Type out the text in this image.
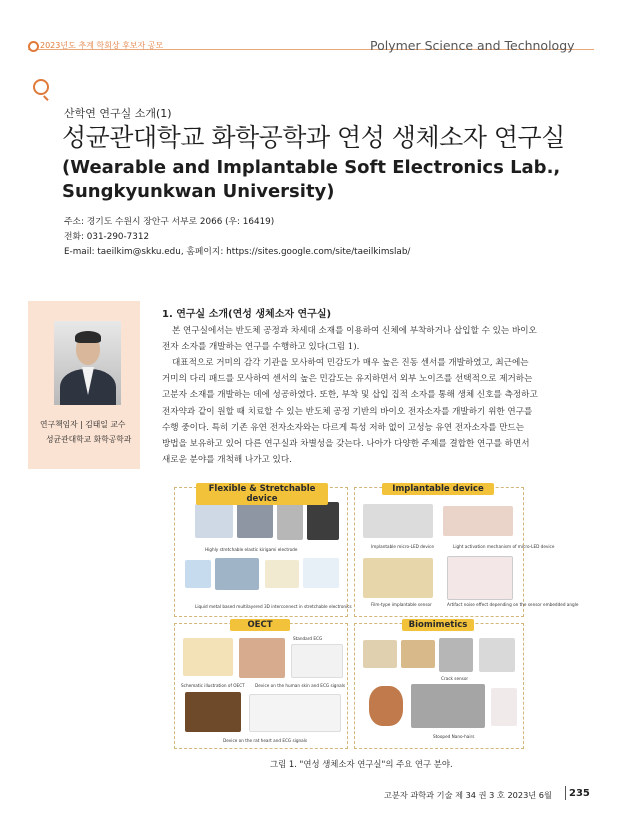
2023년도 추계 학회상 후보자 공모	Polymer Science and Technology
산학연 연구실 소개(1)
성균관대학교 화학공학과 연성 생체소자 연구실
(Wearable and Implantable Soft Electronics Lab.,
Sungkyunkwan University)
주소: 경기도 수원시 장안구 서부로 2066 (우: 16419)
전화: 031-290-7312
E-mail: taeilkim@skku.edu, 홈페이지: https://sites.google.com/site/taeilkimslab/
연구책임자 | 김태일 교수
성균관대학교 화학공학과
1. 연구실 소개(연성 생체소자 연구실)
본 연구실에서는 반도체 공정과 차세대 소재를 이용하여 신체에 부착하거나 삽입할 수 있는 바이오
전자 소자를 개발하는 연구를 수행하고 있다(그림 1).
대표적으로 거미의 감각 기관을 모사하여 민감도가 매우 높은 진동 센서를 개발하였고, 최근에는
거미의 다리 패드를 모사하여 센서의 높은 민감도는 유지하면서 외부 노이즈를 선택적으로 제거하는
고분자 소재를 개발하는 데에 성공하였다. 또한, 부착 및 삽입 집적 소자를 통해 생체 신호를 측정하고
전자약과 같이 원할 때 치료할 수 있는 반도체 공정 기반의 바이오 전자소자를 개발하기 위한 연구를
수행 중이다. 특히 기존 유연 전자소자와는 다르게 특성 저하 없이 고성능 유연 전자소자를 만드는
방법을 보유하고 있어 다른 연구실과 차별성을 갖는다. 나아가 다양한 주제를 결합한 연구를 하면서
새로운 분야를 개척해 나가고 있다.
Highly stretchable elastic kirigami electrode
Liquid metal based multilayered 3D interconnect in stretchable electronics
Flexible & Stretchable device
Implantable micro-LED device	Light activation mechanism of micro-LED device
Film-type implantable sensor	Artifact noise effect depending on the sensor embedded angle
Implantable device
Standard ECG
Schematic illustration of OECT Device on the human skin and ECG signals
Device on the rat heart and ECG signals
OECT
Crack sensor
Stooped Nano-hairs
Biomimetics
그림 1. "연성 생체소자 연구실"의 주요 연구 분야.
고분자 과학과 기술 제 34 권 3 호 2023년 6월 235
